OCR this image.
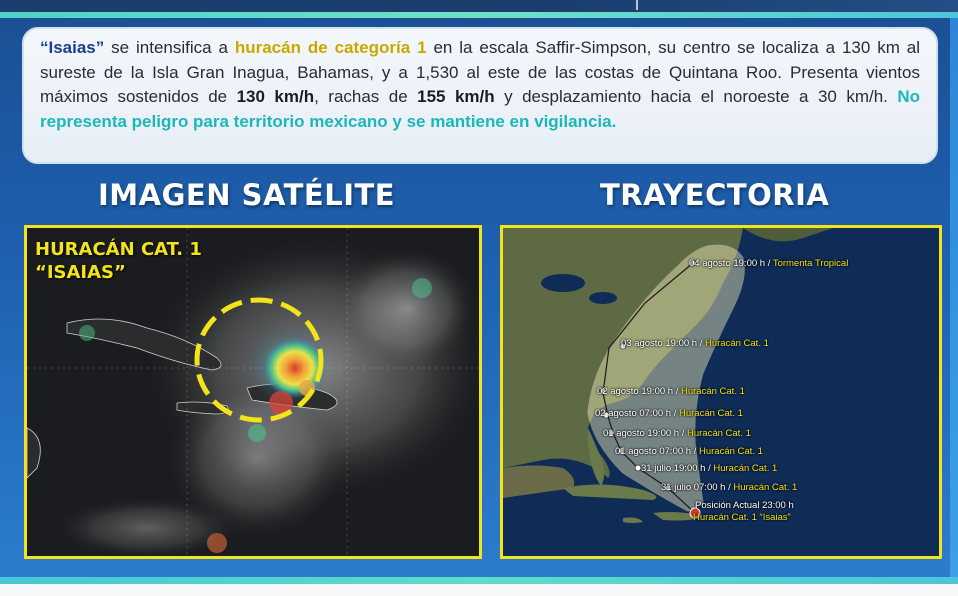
“Isaias” se intensifica a huracán de categoría 1 en la escala Saffir-Simpson, su centro se localiza a 130 km al sureste de la Isla Gran Inagua, Bahamas, y a 1,530 al este de las costas de Quintana Roo. Presenta vientos máximos sostenidos de 130 km/h, rachas de 155 km/h y desplazamiento hacia el noroeste a 30 km/h. No representa peligro para territorio mexicano y se mantiene en vigilancia.
IMAGEN SATÉLITE	TRAYECTORIA
HURACÁN CAT. 1
“ISAIAS”	04 agosto 19:00 h / Tormenta Tropical
03 agosto 19:00 h / Huracán Cat. 1
02 agosto 19:00 h / Huracán Cat. 1
02 agosto 07:00 h / Huracán Cat. 1
01 agosto 19:00 h / Huracán Cat. 1
01 agosto 07:00 h / Huracán Cat. 1
31 julio 19:00 h / Huracán Cat. 1
31 julio 07:00 h / Huracán Cat. 1
Posición Actual 23:00 h
Huracán Cat. 1 “Isaias”
